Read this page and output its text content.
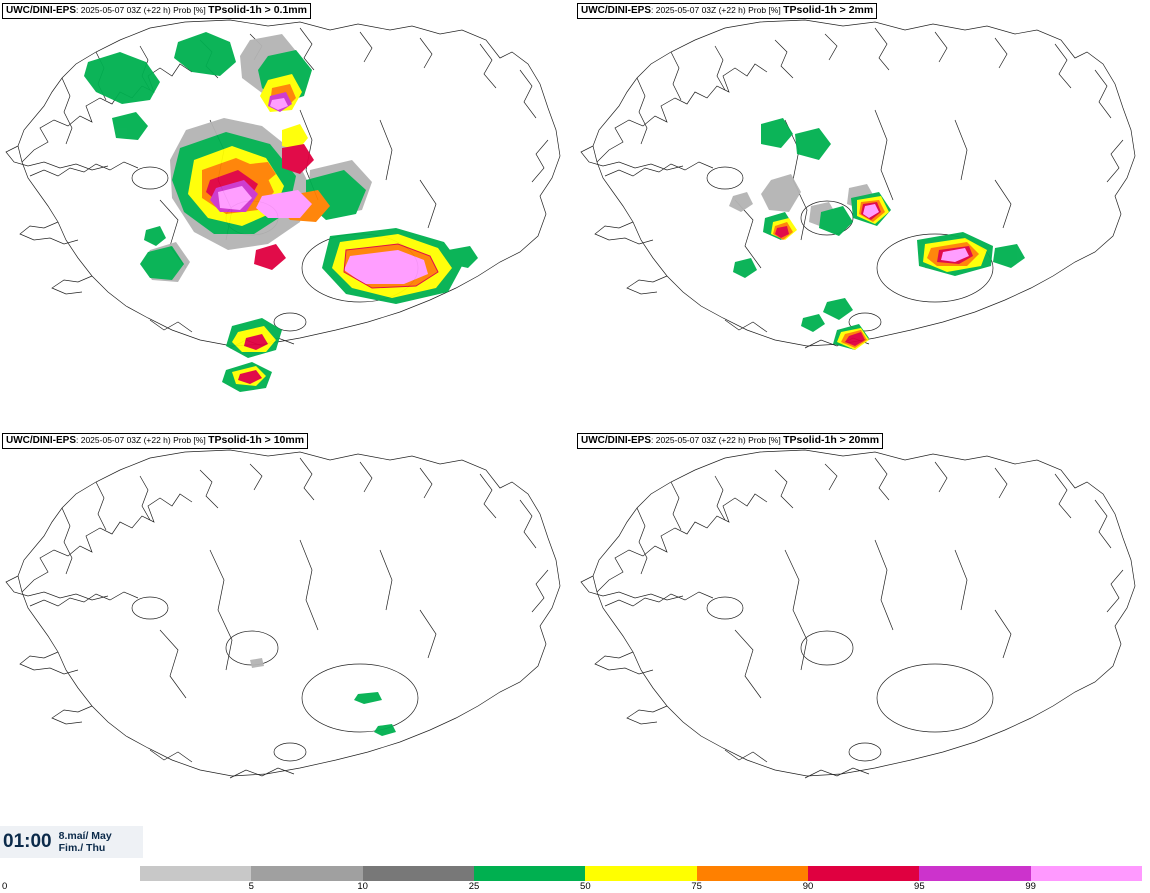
UWC/DINI-EPS: 2025-05-07 03Z (+22 h) Prob [%] TPsolid-1h > 0.1mm	UWC/DINI-EPS: 2025-05-07 03Z (+22 h) Prob [%] TPsolid-1h > 2mm
UWC/DINI-EPS: 2025-05-07 03Z (+22 h) Prob [%] TPsolid-1h > 10mm	UWC/DINI-EPS: 2025-05-07 03Z (+22 h) Prob [%] TPsolid-1h > 20mm
01:00 8.maí/ May
Fim./ Thu
0	5	10	25	50	75	90	95	99
